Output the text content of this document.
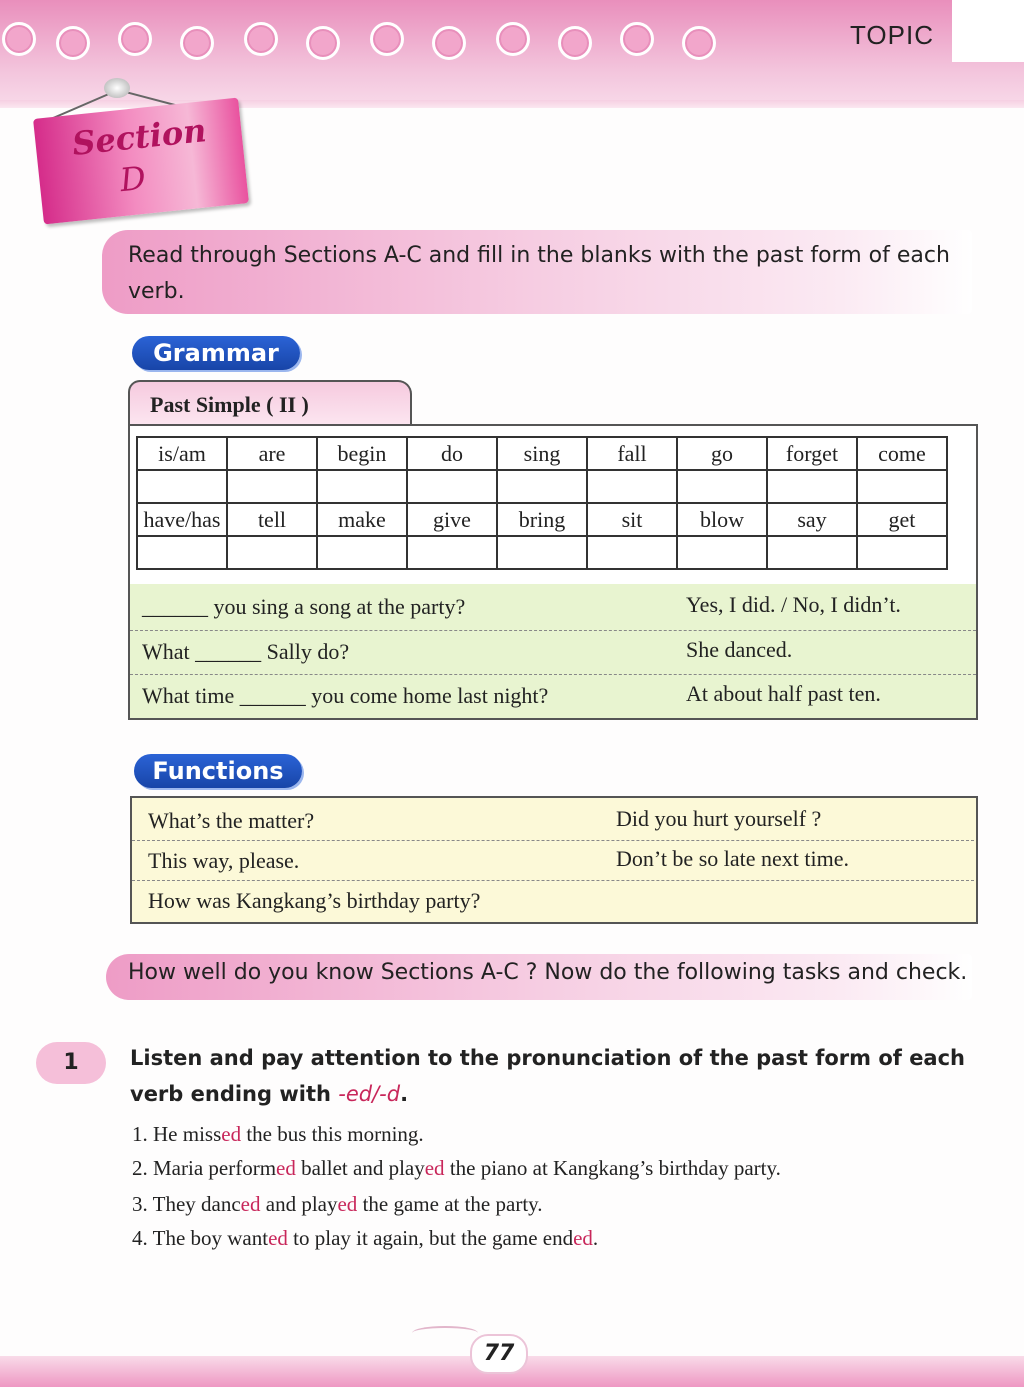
TOPIC
Section
D
Read through Sections A-C and fill in the blanks with the past form of each verb.
Grammar
Past Simple ( II )
is/am	are	begin	do	sing	fall	go	forget	come

have/has	tell	make	give	bring	sit	blow	say	get

______ you sing a song at the party?	Yes, I did. / No, I didn’t.
What ______ Sally do?	She danced.
What time ______ you come home last night?	At about half past ten.
Functions
What’s the matter?	Did you hurt yourself ?
This way, please.	Don’t be so late next time.
How was Kangkang’s birthday party?
How well do you know Sections A-C ? Now do the following tasks and check.
1	Listen and pay attention to the pronunciation of the past form of each verb ending with -ed/-d.
1. He missed the bus this morning.
2. Maria performed ballet and played the piano at Kangkang’s birthday party.
3. They danced and played the game at the party.
4. The boy wanted to play it again, but the game ended.
77
